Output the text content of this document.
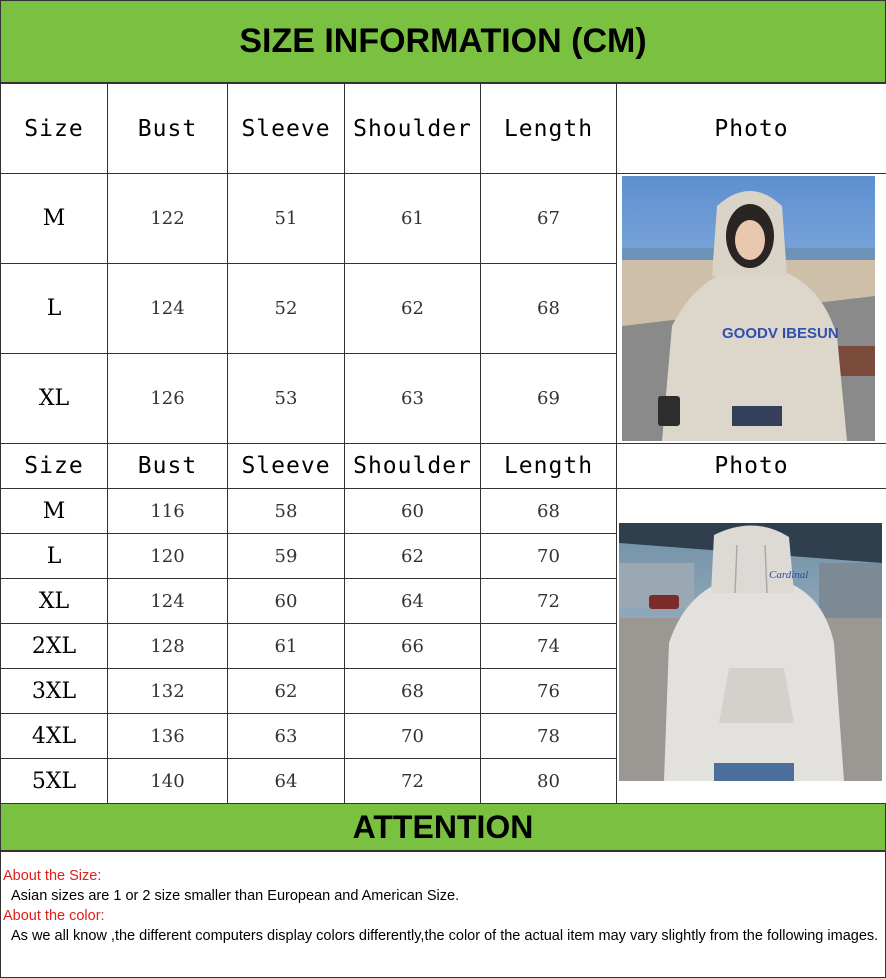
SIZE INFORMATION (CM)
Size	Bust	Sleeve	Shoulder	Length	Photo
M	122	51	61	67	GOODV IBESUN

L	124	52	62	68	
XL	126	53	63	69	
Size	Bust	Sleeve	Shoulder	Length	Photo
M	116	58	60	68	Cardinal

L	120	59	62	70	
XL	124	60	64	72	
2XL	128	61	66	74	
3XL	132	62	68	76	
4XL	136	63	70	78	
5XL	140	64	72	80	
ATTENTION
About the Size:
Asian sizes are 1 or 2 size smaller than European and American Size.
About the color:
As we all know ,the different computers display colors differently,the color of the actual item may vary slightly from the following images.
